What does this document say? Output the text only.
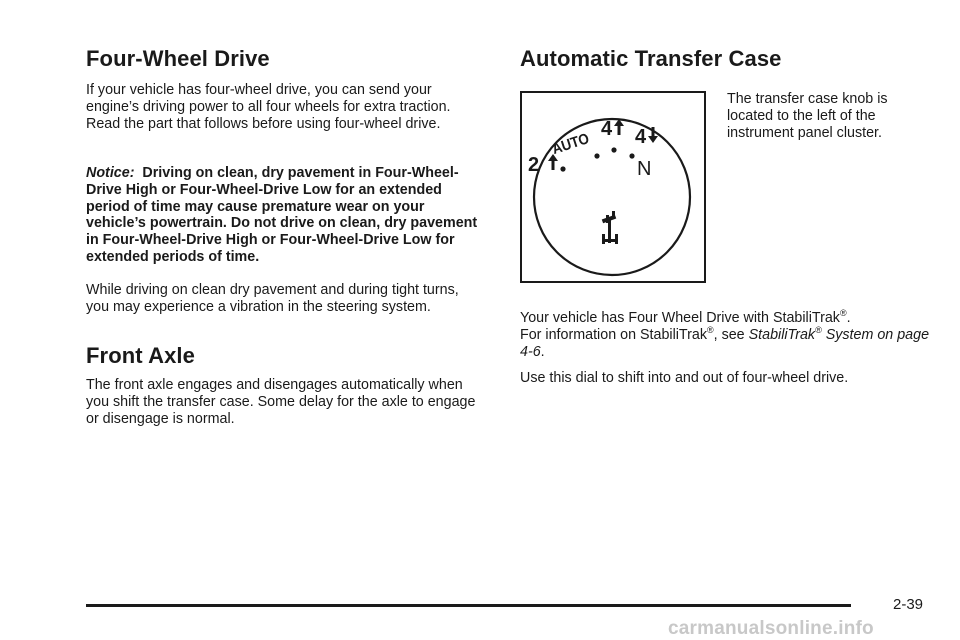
Four-Wheel Drive

If your vehicle has four-wheel drive, you can send your engine’s driving power to all four wheels for extra traction. Read the part that follows before using four-wheel drive.

Notice: Driving on clean, dry pavement in Four-Wheel-Drive High or Four-Wheel-Drive Low for an extended period of time may cause premature wear on your vehicle’s powertrain. Do not drive on clean, dry pavement in Four-Wheel-Drive High or Four-Wheel-Drive Low for extended periods of time.

While driving on clean dry pavement and during tight turns, you may experience a vibration in the steering system.

Front Axle

The front axle engages and disengages automatically when you shift the transfer case. Some delay for the axle to engage or disengage is normal.

Automatic Transfer Case
2
AUTO
4 4
N

The transfer case knob is located to the left of the instrument panel cluster.

Your vehicle has Four Wheel Drive with StabiliTrak®.
For information on StabiliTrak®, see StabiliTrak® System on page 4-6.

Use this dial to shift into and out of four-wheel drive.

2-39
carmanualsonline.info
